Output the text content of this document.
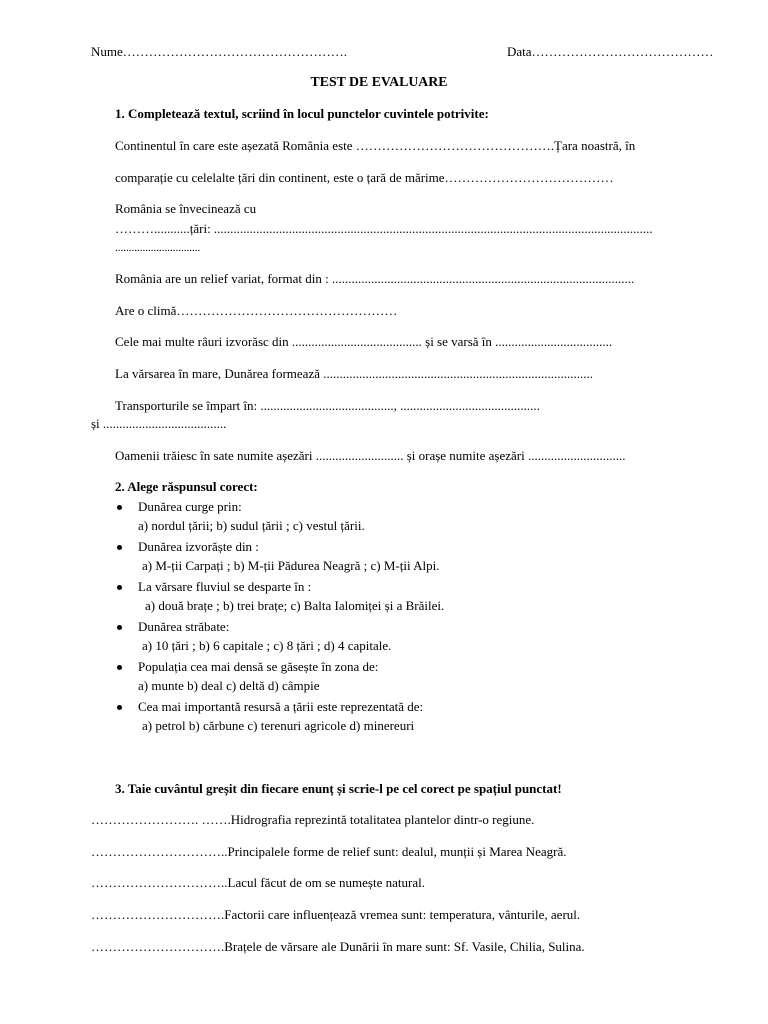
Nume…………………………………………….	Data……………………………………
TEST DE EVALUARE
1. Completează textul, scriind în locul punctelor cuvintele potrivite:
Continentul în care este așezată România este ……………………………………….Țara noastră, în
comparație cu celelalte țări din continent, este o țară de mărime…………………………………
România se învecinează cu
………...........țări: .......................................................................................................................................
...............................
România are un relief variat, format din : .............................................................................................
Are o climă……………………………………………
Cele mai multe râuri izvorăsc din ........................................ și se varsă în ....................................
La vărsarea în mare, Dunărea formează ...................................................................................
Transporturile se împart în: ........................................., ...........................................
și ......................................
Oamenii trăiesc în sate numite așezări ........................... și orașe numite așezări ..............................
2. Alege răspunsul corect:
Dunărea curge prin:
a) nordul țării; b) sudul țării ; c) vestul țării.
Dunărea izvorăște din :
a) M-ții Carpați ; b) M-ții Pădurea Neagră ; c) M-ții Alpi.
La vărsare fluviul se desparte în :
a) două brațe ; b) trei brațe; c) Balta Ialomiței și a Brăilei.
Dunărea străbate:
a) 10 țări ; b) 6 capitale ; c) 8 țări ; d) 4 capitale.
Populația cea mai densă se găsește în zona de:
a) munte b) deal c) deltă d) câmpie
Cea mai importantă resursă a țării este reprezentată de:
a) petrol b) cărbune c) terenuri agricole d) minereuri
3. Taie cuvântul greșit din fiecare enunț și scrie-l pe cel corect pe spațiul punctat!
……………………. …….Hidrografia reprezintă totalitatea plantelor dintr-o regiune.
…………………………..Principalele forme de relief sunt: dealul, munții și Marea Neagră.
…………………………..Lacul făcut de om se numește natural.
………………………….Factorii care influențează vremea sunt: temperatura, vânturile, aerul.
………………………….Brațele de vărsare ale Dunării în mare sunt: Sf. Vasile, Chilia, Sulina.
